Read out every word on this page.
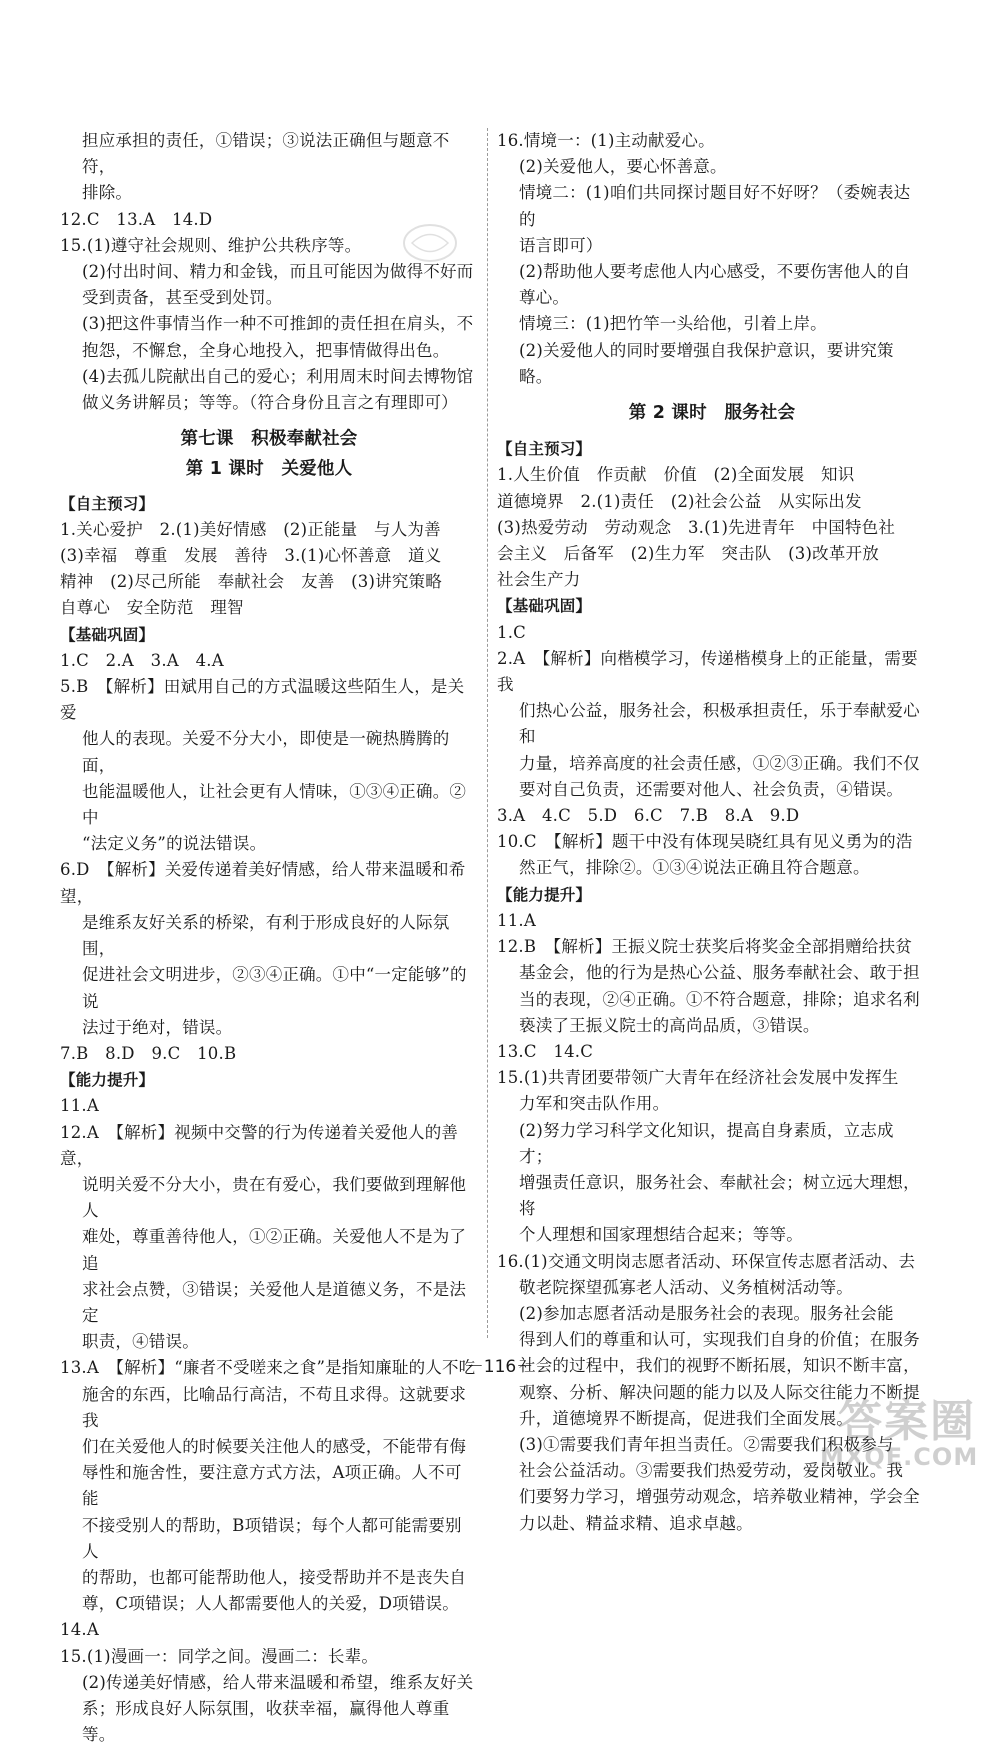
担应承担的责任，①错误；③说法正确但与题意不符，
排除。
12.C　13.A　14.D
15.(1)遵守社会规则、维护公共秩序等。
(2)付出时间、精力和金钱，而且可能因为做得不好而
受到责备，甚至受到处罚。
(3)把这件事情当作一种不可推卸的责任担在肩头，不
抱怨，不懈怠，全身心地投入，把事情做得出色。
(4)去孤儿院献出自己的爱心；利用周末时间去博物馆
做义务讲解员；等等。（符合身份且言之有理即可）
第七课　积极奉献社会
第 1 课时　关爱他人
【自主预习】
1.关心爱护　2.(1)美好情感　(2)正能量　与人为善
(3)幸福　尊重　发展　善待　3.(1)心怀善意　道义
精神　(2)尽己所能　奉献社会　友善　(3)讲究策略
自尊心　安全防范　理智
【基础巩固】
1.C　2.A　3.A　4.A
5.B　【解析】田斌用自己的方式温暖这些陌生人，是关爱
他人的表现。关爱不分大小，即使是一碗热腾腾的面，
也能温暖他人，让社会更有人情味，①③④正确。②中
“法定义务”的说法错误。
6.D　【解析】关爱传递着美好情感，给人带来温暖和希望，
是维系友好关系的桥梁，有利于形成良好的人际氛围，
促进社会文明进步，②③④正确。①中“一定能够”的说
法过于绝对，错误。
7.B　8.D　9.C　10.B
【能力提升】
11.A
12.A　【解析】视频中交警的行为传递着关爱他人的善意，
说明关爱不分大小，贵在有爱心，我们要做到理解他人
难处，尊重善待他人，①②正确。关爱他人不是为了追
求社会点赞，③错误；关爱他人是道德义务，不是法定
职责，④错误。
13.A　【解析】“廉者不受嗟来之食”是指知廉耻的人不吃
施舍的东西，比喻品行高洁，不苟且求得。这就要求我
们在关爱他人的时候要关注他人的感受，不能带有侮
辱性和施舍性，要注意方式方法，A项正确。人不可能
不接受别人的帮助，B项错误；每个人都可能需要别人
的帮助，也都可能帮助他人，接受帮助并不是丧失自
尊，C项错误；人人都需要他人的关爱，D项错误。
14.A
15.(1)漫画一：同学之间。漫画二：长辈。
(2)传递美好情感，给人带来温暖和希望，维系友好关
系；形成良好人际氛围，收获幸福，赢得他人尊重等。
16.情境一：(1)主动献爱心。
(2)关爱他人，要心怀善意。
情境二：(1)咱们共同探讨题目好不好呀？（委婉表达的
语言即可）
(2)帮助他人要考虑他人内心感受，不要伤害他人的自
尊心。
情境三：(1)把竹竿一头给他，引着上岸。
(2)关爱他人的同时要增强自我保护意识，要讲究策略。
第 2 课时　服务社会
【自主预习】
1.人生价值　作贡献　价值　(2)全面发展　知识
道德境界　2.(1)责任　(2)社会公益　从实际出发
(3)热爱劳动　劳动观念　3.(1)先进青年　中国特色社
会主义　后备军　(2)生力军　突击队　(3)改革开放
社会生产力
【基础巩固】
1.C
2.A　【解析】向楷模学习，传递楷模身上的正能量，需要我
们热心公益，服务社会，积极承担责任，乐于奉献爱心和
力量，培养高度的社会责任感，①②③正确。我们不仅
要对自己负责，还需要对他人、社会负责，④错误。
3.A　4.C　5.D　6.C　7.B　8.A　9.D
10.C　【解析】题干中没有体现吴晓红具有见义勇为的浩
然正气，排除②。①③④说法正确且符合题意。
【能力提升】
11.A
12.B　【解析】王振义院士获奖后将奖金全部捐赠给扶贫
基金会，他的行为是热心公益、服务奉献社会、敢于担
当的表现，②④正确。①不符合题意，排除；追求名利
亵渎了王振义院士的高尚品质，③错误。
13.C　14.C
15.(1)共青团要带领广大青年在经济社会发展中发挥生
力军和突击队作用。
(2)努力学习科学文化知识，提高自身素质，立志成才；
增强责任意识，服务社会、奉献社会；树立远大理想，将
个人理想和国家理想结合起来；等等。
16.(1)交通文明岗志愿者活动、环保宣传志愿者活动、去
敬老院探望孤寡老人活动、义务植树活动等。
(2)参加志愿者活动是服务社会的表现。服务社会能
得到人们的尊重和认可，实现我们自身的价值；在服务
社会的过程中，我们的视野不断拓展，知识不断丰富，
观察、分析、解决问题的能力以及人际交往能力不断提
升，道德境界不断提高，促进我们全面发展。
(3)①需要我们青年担当责任。②需要我们积极参与
社会公益活动。③需要我们热爱劳动，爱岗敬业。我
们要努力学习，增强劳动观念，培养敬业精神，学会全
力以赴、精益求精、追求卓越。
－116－
答案圈
MXQE.COM
